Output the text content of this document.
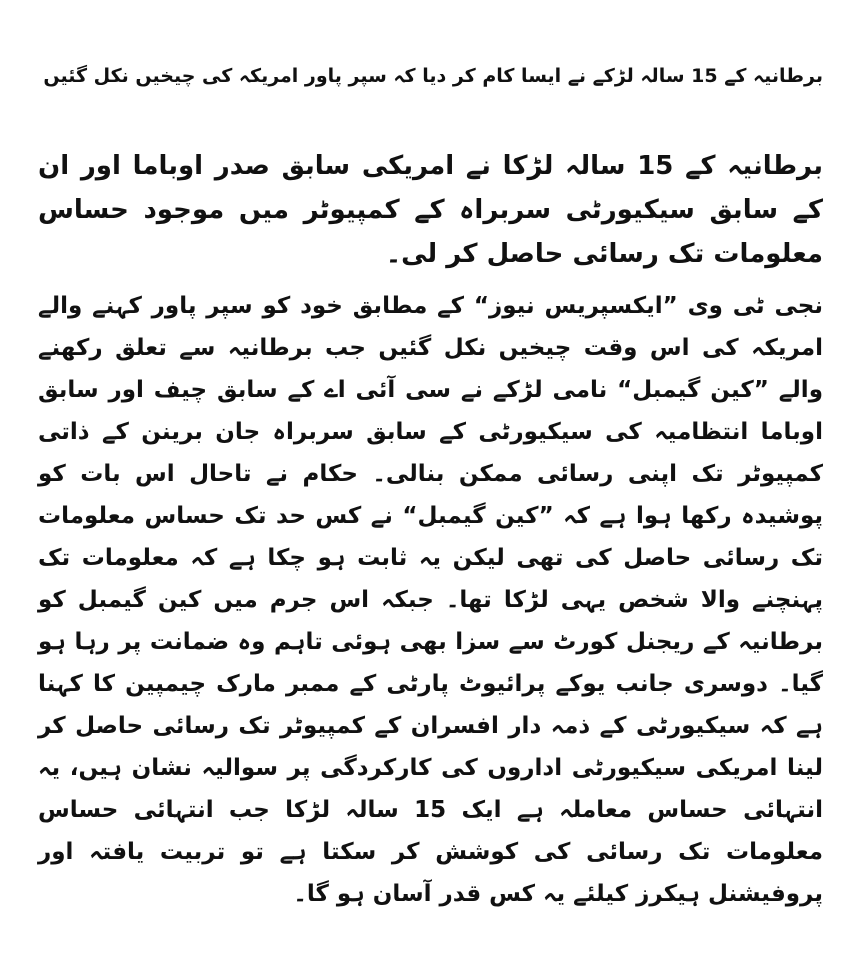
برطانیہ کے 15 سالہ لڑکے نے ایسا کام کر دیا کہ سپر پاور امریکہ کی چیخیں نکل گئیں

برطانیہ کے 15 سالہ لڑکا نے امریکی سابق صدر اوباما اور ان کے سابق سیکیورٹی سربراہ کے کمپیوٹر میں موجود حساس معلومات تک رسائی حاصل کر لی۔

نجی ٹی وی ”ایکسپریس نیوز“ کے مطابق خود کو سپر پاور کہنے والے امریکہ کی اس وقت چیخیں نکل گئیں جب برطانیہ سے تعلق رکھنے والے ”کین گیمبل“ نامی لڑکے نے سی آئی اے کے سابق چیف اور سابق اوباما انتظامیہ کی سیکیورٹی کے سابق سربراہ جان برینن کے ذاتی کمپیوٹر تک اپنی رسائی ممکن بنالی۔ حکام نے تاحال اس بات کو پوشیدہ رکھا ہوا ہے کہ ”کین گیمبل“ نے کس حد تک حساس معلومات تک رسائی حاصل کی تھی لیکن یہ ثابت ہو چکا ہے کہ معلومات تک پہنچنے والا شخص یہی لڑکا تھا۔ جبکہ اس جرم میں کین گیمبل کو برطانیہ کے ریجنل کورٹ سے سزا بھی ہوئی تاہم وہ ضمانت پر رہا ہو گیا۔ دوسری جانب یوکے پرائیوٹ پارٹی کے ممبر مارک چیمپین کا کہنا ہے کہ سیکیورٹی کے ذمہ دار افسران کے کمپیوٹر تک رسائی حاصل کر لینا امریکی سیکیورٹی اداروں کی کارکردگی پر سوالیہ نشان ہیں، یہ انتہائی حساس معاملہ ہے ایک 15 سالہ لڑکا جب انتہائی حساس معلومات تک رسائی کی کوشش کر سکتا ہے تو تربیت یافتہ اور پروفیشنل ہیکرز کیلئے یہ کس قدر آسان ہو گا۔
